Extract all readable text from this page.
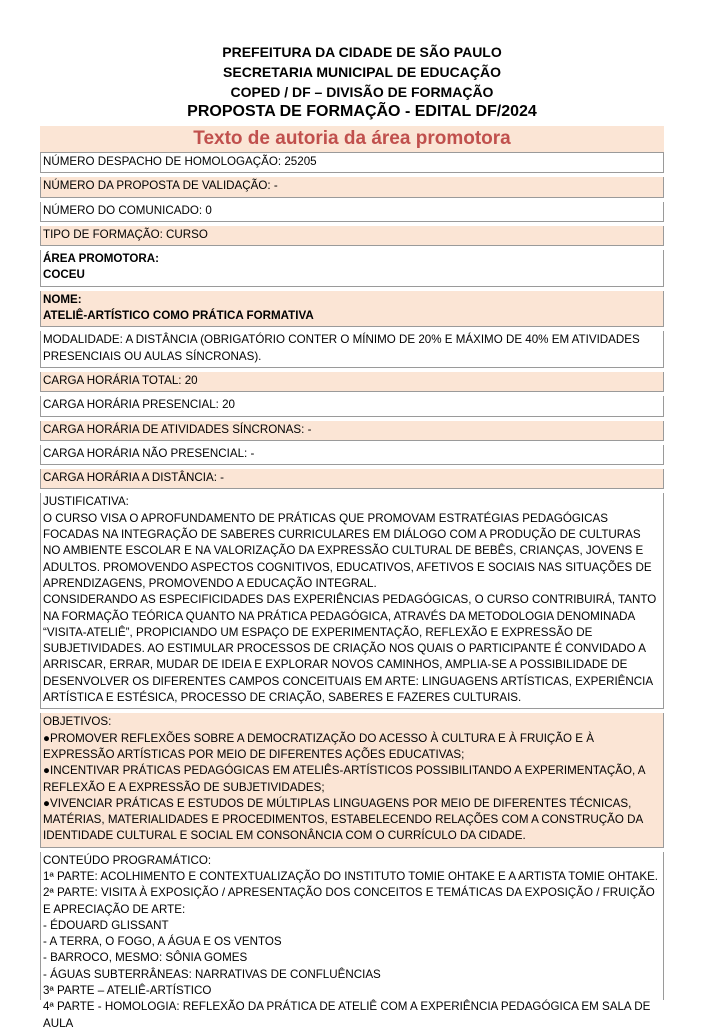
PREFEITURA DA CIDADE DE SÃO PAULO
SECRETARIA MUNICIPAL DE EDUCAÇÃO
COPED / DF – DIVISÃO DE FORMAÇÃO
PROPOSTA DE FORMAÇÃO - EDITAL DF/2024
Texto de autoria da área promotora
NÚMERO DESPACHO DE HOMOLOGAÇÃO: 25205
NÚMERO DA PROPOSTA DE VALIDAÇÃO: -
NÚMERO DO COMUNICADO: 0
TIPO DE FORMAÇÃO: CURSO
ÁREA PROMOTORA:
COCEU
NOME:
ATELIÊ-ARTÍSTICO COMO PRÁTICA FORMATIVA
MODALIDADE: A DISTÂNCIA (OBRIGATÓRIO CONTER O MÍNIMO DE 20% E MÁXIMO DE 40% EM ATIVIDADES PRESENCIAIS OU AULAS SÍNCRONAS).
CARGA HORÁRIA TOTAL: 20
CARGA HORÁRIA PRESENCIAL: 20
CARGA HORÁRIA DE ATIVIDADES SÍNCRONAS: -
CARGA HORÁRIA NÃO PRESENCIAL: -
CARGA HORÁRIA A DISTÂNCIA: -
JUSTIFICATIVA:
O CURSO VISA O APROFUNDAMENTO DE PRÁTICAS QUE PROMOVAM ESTRATÉGIAS PEDAGÓGICAS FOCADAS NA INTEGRAÇÃO DE SABERES CURRICULARES EM DIÁLOGO COM A PRODUÇÃO DE CULTURAS NO AMBIENTE ESCOLAR E NA VALORIZAÇÃO DA EXPRESSÃO CULTURAL DE BEBÊS, CRIANÇAS, JOVENS E ADULTOS. PROMOVENDO ASPECTOS COGNITIVOS, EDUCATIVOS, AFETIVOS E SOCIAIS NAS SITUAÇÕES DE APRENDIZAGENS, PROMOVENDO A EDUCAÇÃO INTEGRAL.
CONSIDERANDO AS ESPECIFICIDADES DAS EXPERIÊNCIAS PEDAGÓGICAS, O CURSO CONTRIBUIRÁ, TANTO NA FORMAÇÃO TEÓRICA QUANTO NA PRÁTICA PEDAGÓGICA, ATRAVÉS DA METODOLOGIA DENOMINADA “VISITA-ATELIÊ”, PROPICIANDO UM ESPAÇO DE EXPERIMENTAÇÃO, REFLEXÃO E EXPRESSÃO DE SUBJETIVIDADES. AO ESTIMULAR PROCESSOS DE CRIAÇÃO NOS QUAIS O PARTICIPANTE É CONVIDADO A ARRISCAR, ERRAR, MUDAR DE IDEIA E EXPLORAR NOVOS CAMINHOS, AMPLIA-SE A POSSIBILIDADE DE DESENVOLVER OS DIFERENTES CAMPOS CONCEITUAIS EM ARTE: LINGUAGENS ARTÍSTICAS, EXPERIÊNCIA ARTÍSTICA E ESTÉSICA, PROCESSO DE CRIAÇÃO, SABERES E FAZERES CULTURAIS.
OBJETIVOS:
●PROMOVER REFLEXÕES SOBRE A DEMOCRATIZAÇÃO DO ACESSO À CULTURA E À FRUIÇÃO E À EXPRESSÃO ARTÍSTICAS POR MEIO DE DIFERENTES AÇÕES EDUCATIVAS;
●INCENTIVAR PRÁTICAS PEDAGÓGICAS EM ATELIÊS-ARTÍSTICOS POSSIBILITANDO A EXPERIMENTAÇÃO, A REFLEXÃO E A EXPRESSÃO DE SUBJETIVIDADES;
●VIVENCIAR PRÁTICAS E ESTUDOS DE MÚLTIPLAS LINGUAGENS POR MEIO DE DIFERENTES TÉCNICAS, MATÉRIAS, MATERIALIDADES E PROCEDIMENTOS, ESTABELECENDO RELAÇÕES COM A CONSTRUÇÃO DA IDENTIDADE CULTURAL E SOCIAL EM CONSONÂNCIA COM O CURRÍCULO DA CIDADE.
CONTEÚDO PROGRAMÁTICO:
1ª PARTE: ACOLHIMENTO E CONTEXTUALIZAÇÃO DO INSTITUTO TOMIE OHTAKE E A ARTISTA TOMIE OHTAKE.
2ª PARTE: VISITA À EXPOSIÇÃO / APRESENTAÇÃO DOS CONCEITOS E TEMÁTICAS DA EXPOSIÇÃO / FRUIÇÃO E APRECIAÇÃO DE ARTE:
- ÉDOUARD GLISSANT
- A TERRA, O FOGO, A ÁGUA E OS VENTOS
- BARROCO, MESMO: SÔNIA GOMES
- ÁGUAS SUBTERRÂNEAS: NARRATIVAS DE CONFLUÊNCIAS
3ª PARTE – ATELIÊ-ARTÍSTICO
4ª PARTE - HOMOLOGIA: REFLEXÃO DA PRÁTICA DE ATELIÊ COM A EXPERIÊNCIA PEDAGÓGICA EM SALA DE AULA
